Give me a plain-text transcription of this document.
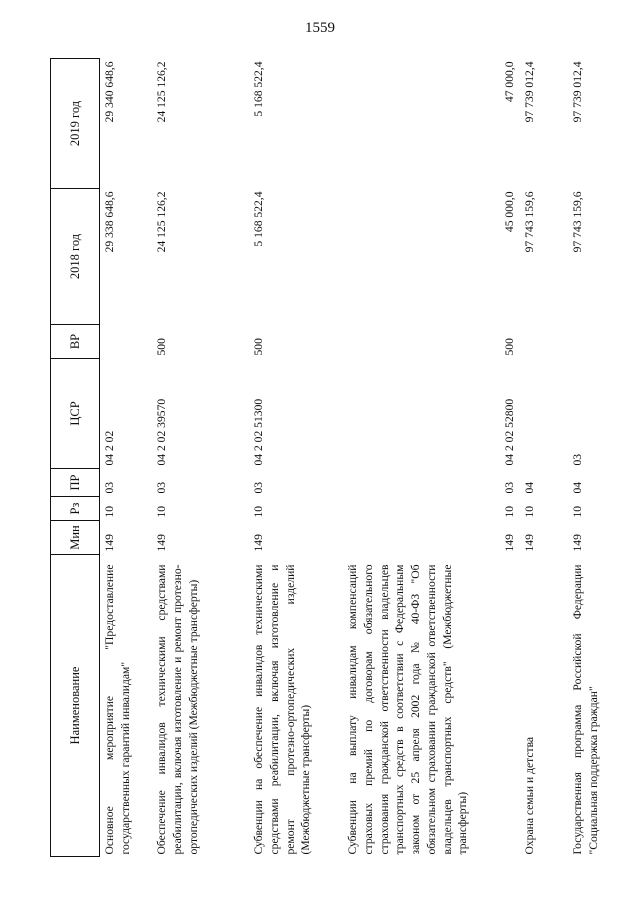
1559
Наименование	Мин	Рз	ПР	ЦСР	ВР	2018 год	2019 год
Основное мероприятие "Предоставление государственных гарантий инвалидам"	149	10	03	04 2 02		29 338 648,6	29 340 648,6
Обеспечение инвалидов техническими средствами реабилитации, включая изготовление и ремонт протезно-ортопедических изделий (Межбюджетные трансферты)	149	10	03	04 2 02 39570	500	24 125 126,2	24 125 126,2
Субвенции на обеспечение инвалидов техническими средствами реабилитации, включая изготовление и ремонт протезно-ортопедических изделий (Межбюджетные трансферты)	149	10	03	04 2 02 51300	500	5 168 522,4	5 168 522,4
Субвенции на выплату инвалидам компенсаций страховых премий по договорам обязательного страхования гражданской ответственности владельцев транспортных средств в соответствии с Федеральным законом от 25 апреля 2002 года № 40-ФЗ "Об обязательном страховании гражданской ответственности владельцев транспортных средств" (Межбюджетные трансферты)	149	10	03	04 2 02 52800	500	45 000,0	47 000,0
Охрана семьи и детства	149	10	04			97 743 159,6	97 739 012,4
Государственная программа Российской Федерации "Социальная поддержка граждан"	149	10	04	03		97 743 159,6	97 739 012,4
